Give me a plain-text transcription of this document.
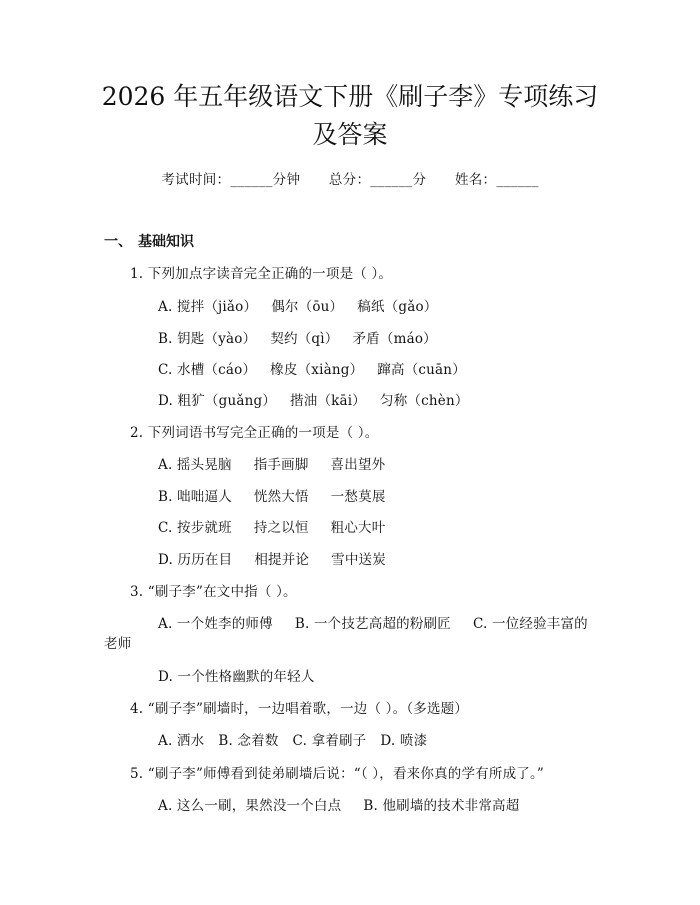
2026 年五年级语文下册《刷子李》专项练习
及答案
考试时间：______分钟 总分：______分 姓名：______
一、 基础知识
1. 下列加点字读音完全正确的一项是（ ）。
A. 搅拌（jiǎo） 偶尔（ōu） 稿纸（gǎo）
B. 钥匙（yào） 契约（qì） 矛盾（máo）
C. 水槽（cáo） 橡皮（xiàng） 蹿高（cuān）
D. 粗犷（guǎng） 揩油（kāi） 匀称（chèn）
2. 下列词语书写完全正确的一项是（ ）。
A. 摇头晃脑 指手画脚 喜出望外
B. 咄咄逼人 恍然大悟 一愁莫展
C. 按步就班 持之以恒 粗心大叶
D. 历历在目 相提并论 雪中送炭
3. “刷子李”在文中指（ ）。
A. 一个姓李的师傅 B. 一个技艺高超的粉刷匠 C. 一位经验丰富的
老师
D. 一个性格幽默的年轻人
4. “刷子李”刷墙时，一边唱着歌，一边（ ）。（多选题）
A. 洒水 B. 念着数 C. 拿着刷子 D. 喷漆
5. “刷子李”师傅看到徒弟刷墙后说：“（ ），看来你真的学有所成了。”
A. 这么一刷，果然没一个白点 B. 他刷墙的技术非常高超
